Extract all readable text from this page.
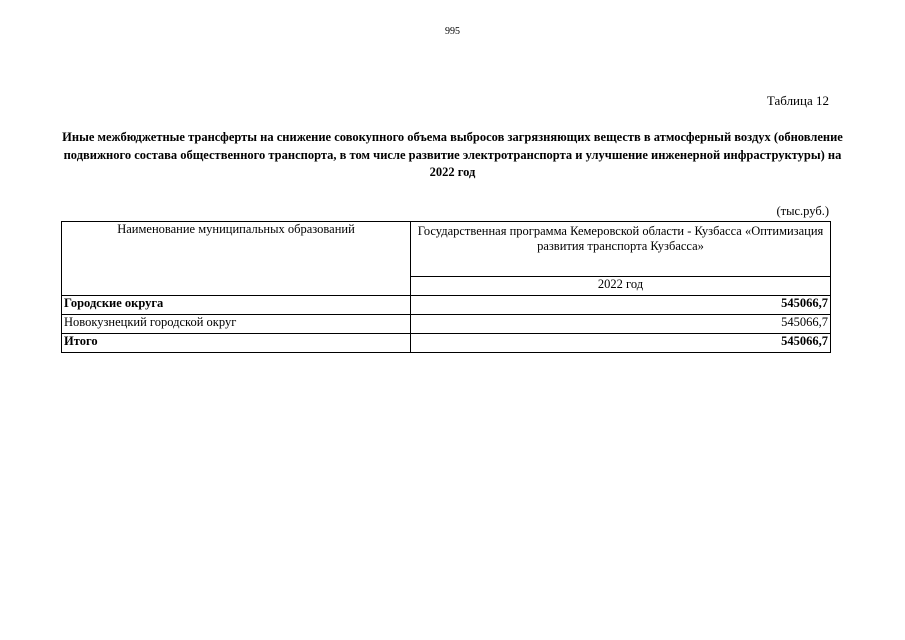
995
Таблица 12
Иные межбюджетные трансферты на снижение совокупного объема выбросов загрязняющих веществ в атмосферный воздух (обновление подвижного состава общественного транспорта, в том числе развитие электротранспорта и улучшение инженерной инфраструктуры) на 2022 год
(тыс.руб.)
Наименование муниципальных образований	Государственная программа Кемеровской области - Кузбасса «Оптимизация развития транспорта Кузбасса»
	2022 год
Городские округа	545066,7
Новокузнецкий городской округ	545066,7
Итого	545066,7
